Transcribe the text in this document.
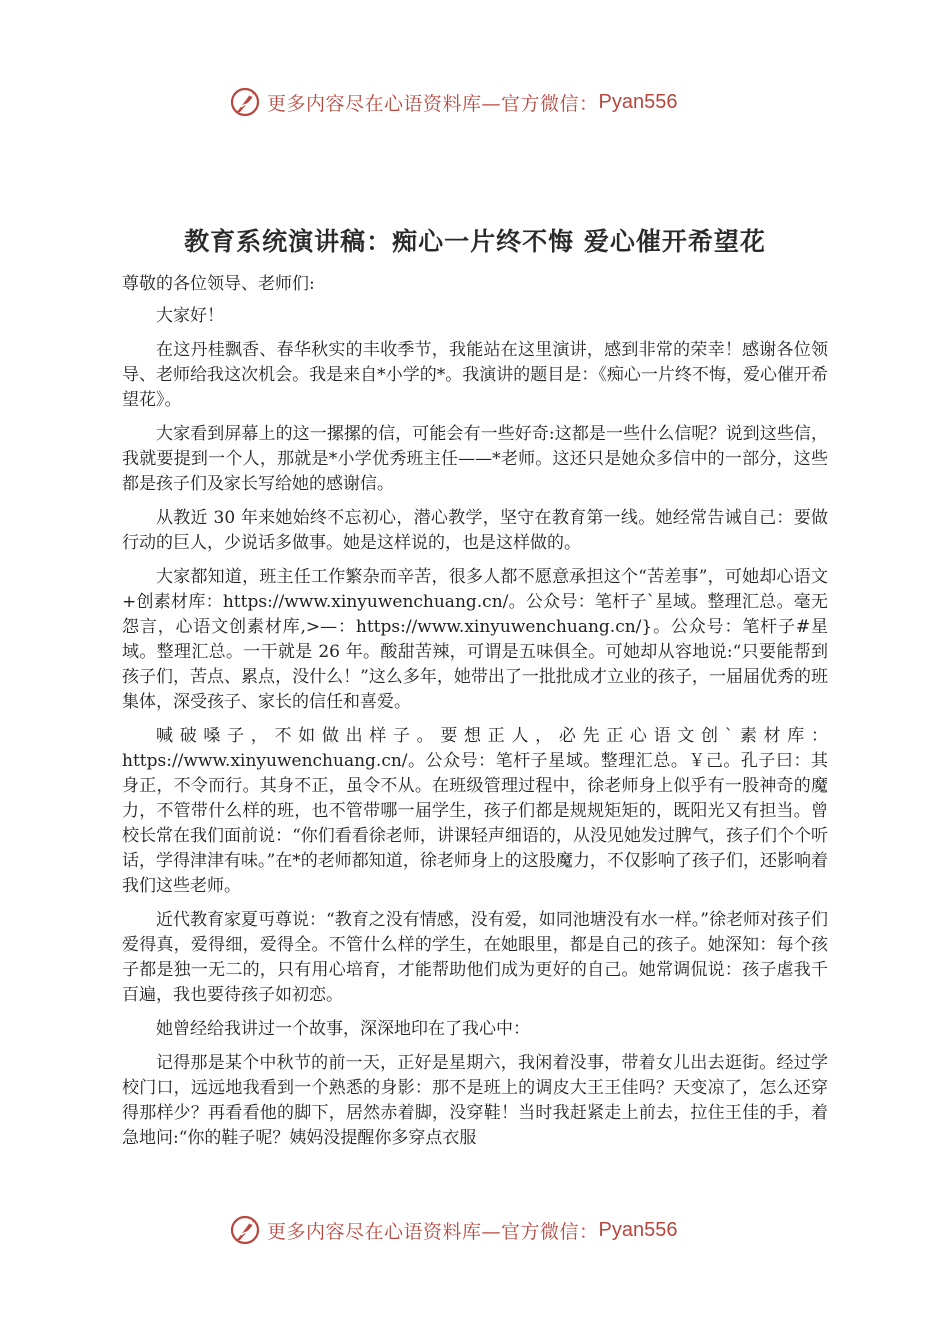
更多内容尽在心语资料库—官方微信： Pyan556
教育系统演讲稿：痴心一片终不悔 爱心催开希望花

尊敬的各位领导、老师们:

大家好！

在这丹桂飘香、春华秋实的丰收季节，我能站在这里演讲，感到非常的荣幸！感谢各位领导、老师给我这次机会。我是来自*小学的*。我演讲的题目是：《痴心一片终不悔，爱心催开希望花》。

大家看到屏幕上的这一摞摞的信，可能会有一些好奇:这都是一些什么信呢？说到这些信，我就要提到一个人，那就是*小学优秀班主任——*老师。这还只是她众多信中的一部分，这些都是孩子们及家长写给她的感谢信。

从教近 30 年来她始终不忘初心，潜心教学，坚守在教育第一线。她经常告诫自己：要做行动的巨人，少说话多做事。她是这样说的，也是这样做的。

大家都知道，班主任工作繁杂而辛苦，很多人都不愿意承担这个“苦差事”，可她却心语文+创素材库：https://www.xinyuwenchuang.cn/。公众号：笔杆子`星域。整理汇总。毫无怨言，心语文创素材库,>—：https://www.xinyuwenchuang.cn/}。公众号：笔杆子#星域。整理汇总。一干就是 26 年。酸甜苦辣，可谓是五味俱全。可她却从容地说:“只要能帮到孩子们，苦点、累点，没什么！”这么多年，她带出了一批批成才立业的孩子，一届届优秀的班集体，深受孩子、家长的信任和喜爱。

喊破嗓子，不如做出样子。要想正人，必先正心语文创`素材库：https://www.xinyuwenchuang.cn/。公众号：笔杆子星域。整理汇总。￥己。孔子曰：其身正，不令而行。其身不正，虽令不从。在班级管理过程中，徐老师身上似乎有一股神奇的魔力，不管带什么样的班，也不管带哪一届学生，孩子们都是规规矩矩的，既阳光又有担当。曾校长常在我们面前说：“你们看看徐老师，讲课轻声细语的，从没见她发过脾气，孩子们个个听话，学得津津有味。”在*的老师都知道，徐老师身上的这股魔力，不仅影响了孩子们，还影响着我们这些老师。

近代教育家夏丏尊说：“教育之没有情感，没有爱，如同池塘没有水一样。”徐老师对孩子们爱得真，爱得细，爱得全。不管什么样的学生，在她眼里，都是自己的孩子。她深知：每个孩子都是独一无二的，只有用心培育，才能帮助他们成为更好的自己。她常调侃说：孩子虐我千百遍，我也要待孩子如初恋。

她曾经给我讲过一个故事，深深地印在了我心中：

记得那是某个中秋节的前一天，正好是星期六，我闲着没事，带着女儿出去逛街。经过学校门口，远远地我看到一个熟悉的身影：那不是班上的调皮大王王佳吗？天变凉了，怎么还穿得那样少？再看看他的脚下，居然赤着脚，没穿鞋！当时我赶紧走上前去，拉住王佳的手，着急地问:“你的鞋子呢？姨妈没提醒你多穿点衣服

更多内容尽在心语资料库—官方微信： Pyan556
